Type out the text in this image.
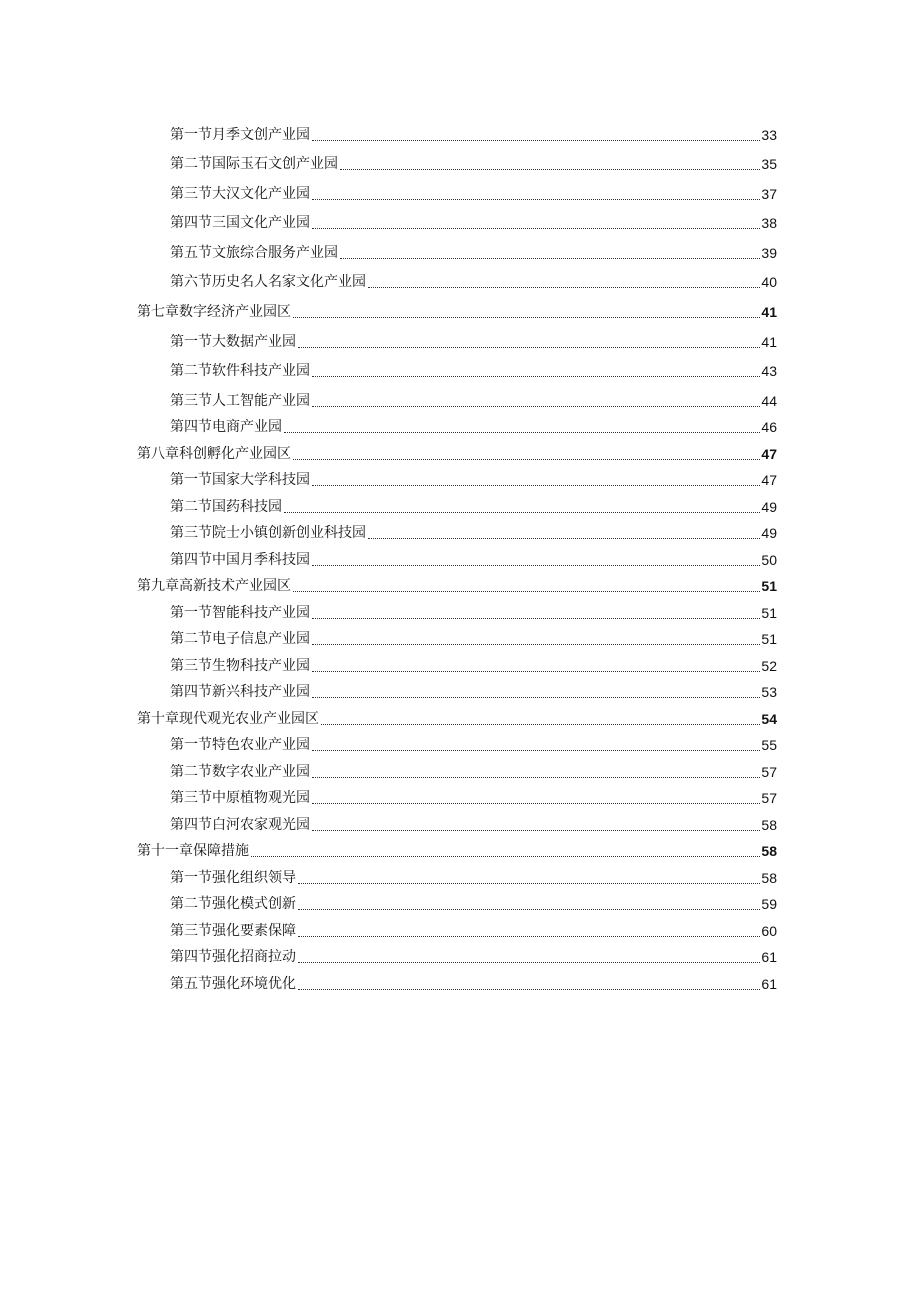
第一节月季文创产业园	33
第二节国际玉石文创产业园	35
第三节大汉文化产业园	37
第四节三国文化产业园	38
第五节文旅综合服务产业园	39
第六节历史名人名家文化产业园	40
第七章数字经济产业园区	41
第一节大数据产业园	41
第二节软件科技产业园	43
第三节人工智能产业园	44
第四节电商产业园	46
第八章科创孵化产业园区	47
第一节国家大学科技园	47
第二节国药科技园	49
第三节院士小镇创新创业科技园	49
第四节中国月季科技园	50
第九章高新技术产业园区	51
第一节智能科技产业园	51
第二节电子信息产业园	51
第三节生物科技产业园	52
第四节新兴科技产业园	53
第十章现代观光农业产业园区	54
第一节特色农业产业园	55
第二节数字农业产业园	57
第三节中原植物观光园	57
第四节白河农家观光园	58
第十一章保障措施	58
第一节强化组织领导	58
第二节强化模式创新	59
第三节强化要素保障	60
第四节强化招商拉动	61
第五节强化环境优化	61
